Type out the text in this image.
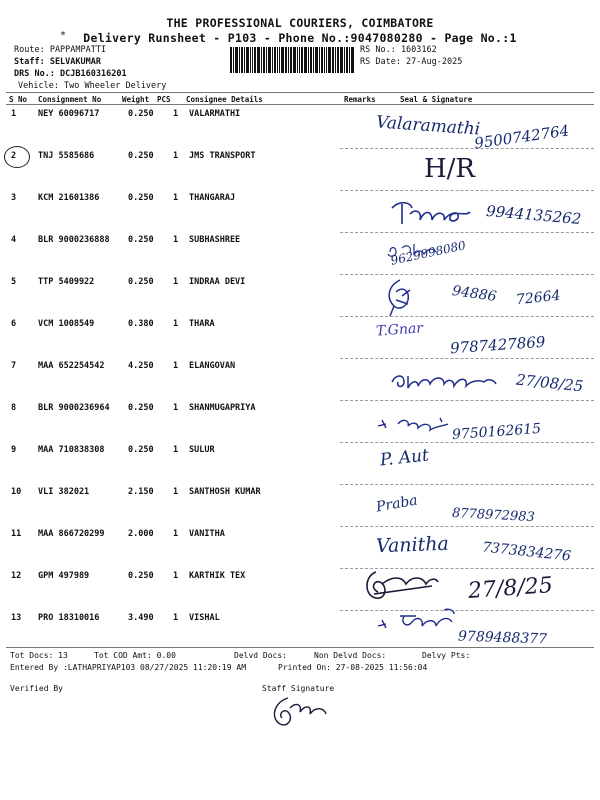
THE PROFESSIONAL COURIERS, COIMBATORE
*	Delivery Runsheet - P103 - Phone No.:9047080280 - Page No.:1
Route: PAPPAMPATTI
Staff: SELVAKUMAR
DRS No.: DCJB160316201
Vehicle: Two Wheeler Delivery
RS No.: 1603162
RS Date: 27-Aug-2025
S No Consignment No	Weight PCS Consignee Details	Remarks	Seal & Signature
1	NEY 60096717	0.250 1 VALARMATHI
2	TNJ 5585686	0.250 1 JMS TRANSPORT
3	KCM 21601386	0.250 1 THANGARAJ
4	BLR 9000236888 0.250 1 SUBHASHREE
5	TTP 5409922	0.250 1 INDRAA DEVI
6	VCM 1008549	0.380 1 THARA
7	MAA 652254542	4.250 1 ELANGOVAN
8	BLR 9000236964 0.250 1 SHANMUGAPRIYA
9	MAA 710838308	0.250 1 SULUR
10 VLI 382021	2.150 1 SANTHOSH KUMAR
11 MAA 866720299	2.000 1 VANITHA
12 GPM 497989	0.250 1 KARTHIK TEX
13 PRO 18310016	3.490 1 VISHAL
Valaramathi
9500742764
H/R
9944135262
9629098080
94886 72664
T.Gnar
9787427869
27/08/25
9750162615
P. Aut
Praba	8778972983
Vanitha 7373834276
27/8/25
9789488377
Tot Docs: 13	Tot COD Amt: 0.00	Delvd Docs:	Non Delvd Docs:	Delvy Pts:
Entered By :LATHAPRIYAP103 08/27/2025 11:20:19 AM	Printed On: 27-08-2025 11:56:04
Verified By	Staff Signature
